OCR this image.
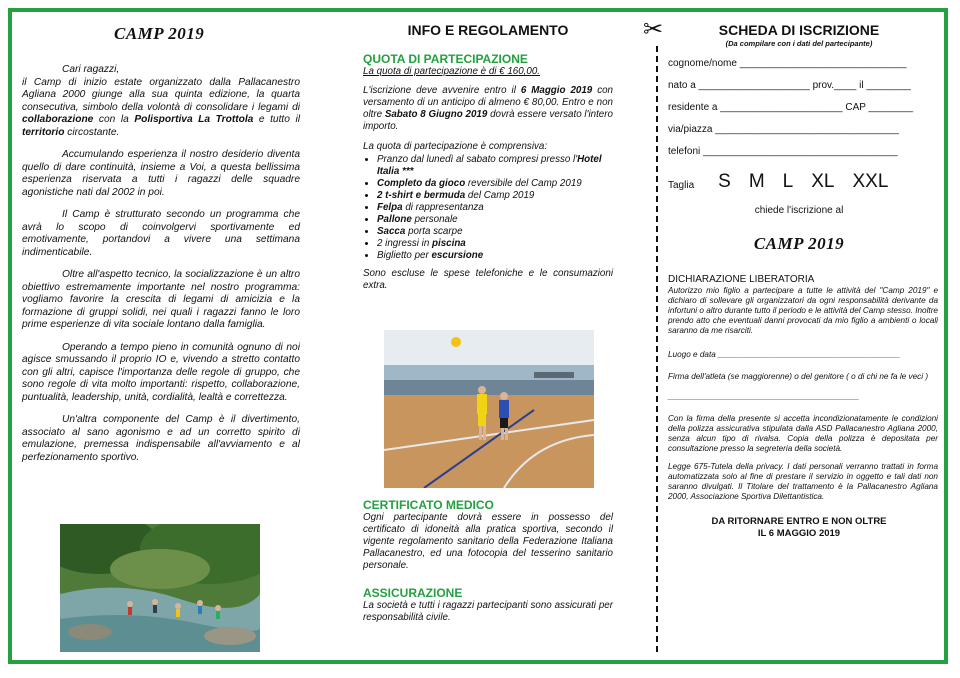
CAMP 2019

Cari ragazzi,
il Camp di inizio estate organizzato dalla Pallacanestro Agliana 2000 giunge alla sua quinta edizione, la quarta consecutiva, simbolo della volontà di consolidare i legami di collaborazione con la Polisportiva La Trottola e tutto il territorio circostante.

Accumulando esperienza il nostro desiderio diventa quello di dare continuità, insieme a Voi, a questa bellissima esperienza riservata a tutti i ragazzi delle squadre agonistiche nati dal 2002 in poi.

Il Camp è strutturato secondo un programma che avrà lo scopo di coinvolgervi sportivamente ed emotivamente, portandovi a vivere una settimana indimenticabile.

Oltre all'aspetto tecnico, la socializzazione è un altro obiettivo estremamente importante nel nostro programma: vogliamo favorire la crescita di legami di amicizia e la formazione di gruppi solidi, nei quali i ragazzi fanno le loro prime esperienze di vita sociale lontano dalla famiglia.

Operando a tempo pieno in comunità ognuno di noi agisce smussando il proprio IO e, vivendo a stretto contatto con gli altri, capisce l'importanza delle regole di gruppo, che sono regole di vita molto importanti: rispetto, collaborazione, puntualità, leadership, unità, cordialità, lealtà e correttezza.

Un'altra componente del Camp è il divertimento, associato al sano agonismo e ad un corretto spirito di emulazione, premessa indispensabile all'avviamento e al perfezionamento sportivo.

INFO E REGOLAMENTO
QUOTA DI PARTECIPAZIONE
La quota di partecipazione è di € 160,00.

L'iscrizione deve avvenire entro il 6 Maggio 2019 con versamento di un anticipo di almeno € 80,00. Entro e non oltre Sabato 8 Giugno 2019 dovrà essere versato l'intero importo.

La quota di partecipazione è comprensiva:

• Pranzo dal lunedì al sabato compresi presso l'Hotel Italia ***
• Completo da gioco reversibile del Camp 2019
• 2 t-shirt e bermuda del Camp 2019
• Felpa di rappresentanza
• Pallone personale
• Sacca porta scarpe
• 2 ingressi in piscina
• Biglietto per escursione

Sono escluse le spese telefoniche e le consumazioni extra.

CERTIFICATO MEDICO

Ogni partecipante dovrà essere in possesso del certificato di idoneità alla pratica sportiva, secondo il vigente regolamento sanitario della Federazione Italiana Pallacanestro, ed una fotocopia del tesserino sanitario personale.

ASSICURAZIONE

La società e tutti i ragazzi partecipanti sono assicurati per responsabilità civile.

✂	SCHEDA DI ISCRIZIONE
(Da compilare con i dati del partecipante)
cognome/nome ______________________________
nato a ____________________ prov.____ il ________
residente a ______________________ CAP ________
via/piazza _________________________________
telefoni ___________________________________
Taglia S M L XL XXL
chiede l'iscrizione al
CAMP 2019
DICHIARAZIONE LIBERATORIA
Autorizzo mio figlio a partecipare a tutte le attività del "Camp 2019" e dichiaro di sollevare gli organizzatori da ogni responsabilità derivante da infortuni o altro durante tutto il periodo e le attività del Camp stesso. Inoltre prendo atto che eventuali danni provocati da mio figlio a ambienti o locali saranno da me risarciti.
Luogo e data ________________________________________
Firma dell'atleta (se maggiorenne) o del genitore ( o di chi ne fa le veci )
__________________________________________
Con la firma della presente si accetta incondizionatamente le condizioni della polizza assicurativa stipulata dalla ASD Pallacanestro Agliana 2000, senza alcun tipo di rivalsa. Copia della polizza è depositata per consultazione presso la segreteria della società.
Legge 675-Tutela della privacy. I dati personali verranno trattati in forma automatizzata solo al fine di prestare il servizio in oggetto e tali dati non saranno divulgati. Il Titolare del trattamento è la Pallacanestro Agliana 2000, Associazione Sportiva Dilettantistica.
DA RITORNARE ENTRO E NON OLTRE
IL 6 MAGGIO 2019
